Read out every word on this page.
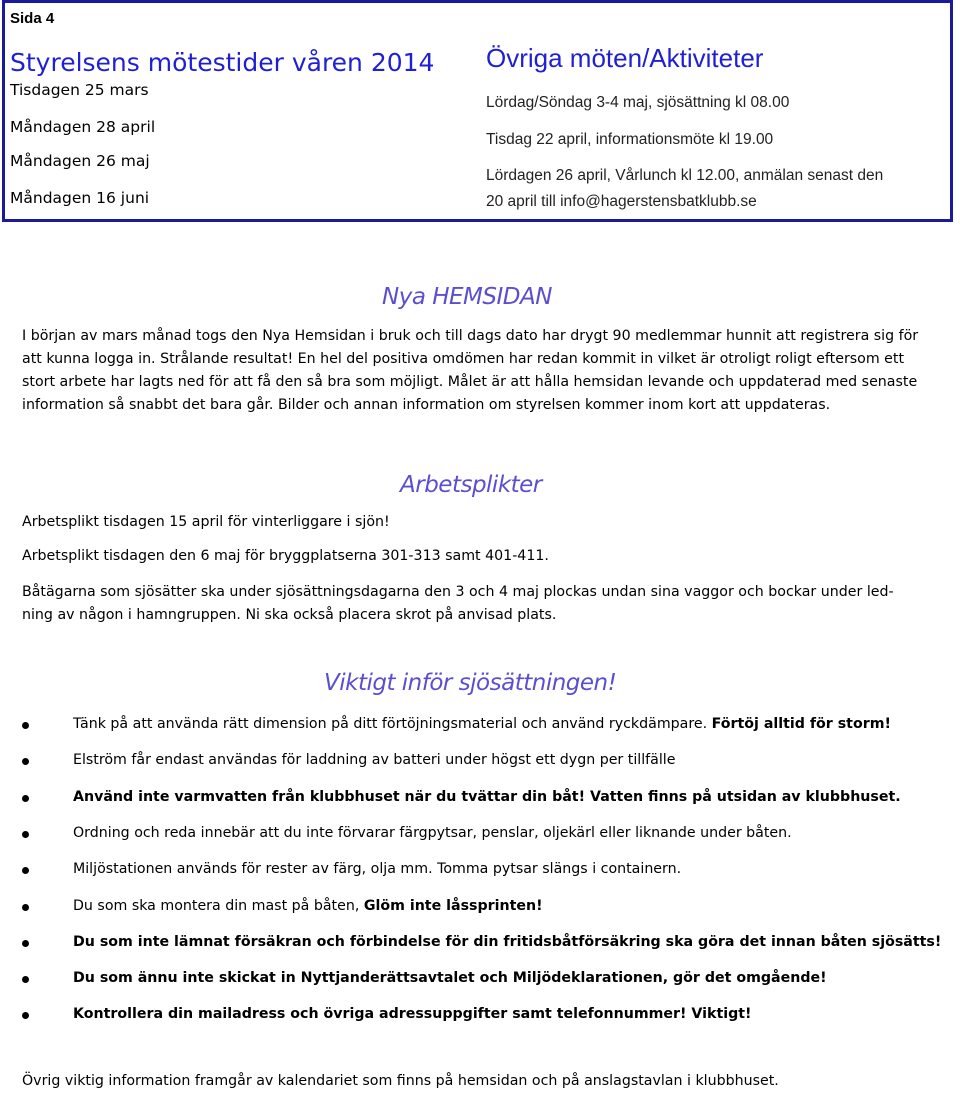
Sida 4
Styrelsens mötestider våren 2014
Tisdagen 25 mars
Måndagen 28 april
Måndagen 26 maj
Måndagen 16 juni
Övriga möten/Aktiviteter
Lördag/Söndag 3-4 maj, sjösättning kl 08.00
Tisdag 22 april, informationsmöte kl 19.00
Lördagen 26 april, Vårlunch kl 12.00, anmälan senast den
20 april till info@hagerstensbatklubb.se
Nya HEMSIDAN
I början av mars månad togs den Nya Hemsidan i bruk och till dags dato har drygt 90 medlemmar hunnit att registrera sig för att kunna logga in. Strålande resultat! En hel del positiva omdömen har redan kommit in vilket är otroligt roligt eftersom ett stort arbete har lagts ned för att få den så bra som möjligt. Målet är att hålla hemsidan levande och uppdaterad med senaste information så snabbt det bara går. Bilder och annan information om styrelsen kommer inom kort att uppdateras.
Arbetsplikter
Arbetsplikt tisdagen 15 april för vinterliggare i sjön!
Arbetsplikt tisdagen den 6 maj för bryggplatserna 301-313 samt 401-411.
Båtägarna som sjösätter ska under sjösättningsdagarna den 3 och 4 maj plockas undan sina vaggor och bockar under led-ning av någon i hamngruppen. Ni ska också placera skrot på anvisad plats.
Viktigt inför sjösättningen!
Tänk på att använda rätt dimension på ditt förtöjningsmaterial och använd ryckdämpare. Förtöj alltid för storm!
Elström får endast användas för laddning av batteri under högst ett dygn per tillfälle
Använd inte varmvatten från klubbhuset när du tvättar din båt! Vatten finns på utsidan av klubbhuset.
Ordning och reda innebär att du inte förvarar färgpytsar, penslar, oljekärl eller liknande under båten.
Miljöstationen används för rester av färg, olja mm. Tomma pytsar slängs i containern.
Du som ska montera din mast på båten, Glöm inte låssprinten!
Du som inte lämnat försäkran och förbindelse för din fritidsbåtförsäkring ska göra det innan båten sjösätts!
Du som ännu inte skickat in Nyttjanderättsavtalet och Miljödeklarationen, gör det omgående!
Kontrollera din mailadress och övriga adressuppgifter samt telefonnummer! Viktigt!
Övrig viktig information framgår av kalendariet som finns på hemsidan och på anslagstavlan i klubbhuset.
